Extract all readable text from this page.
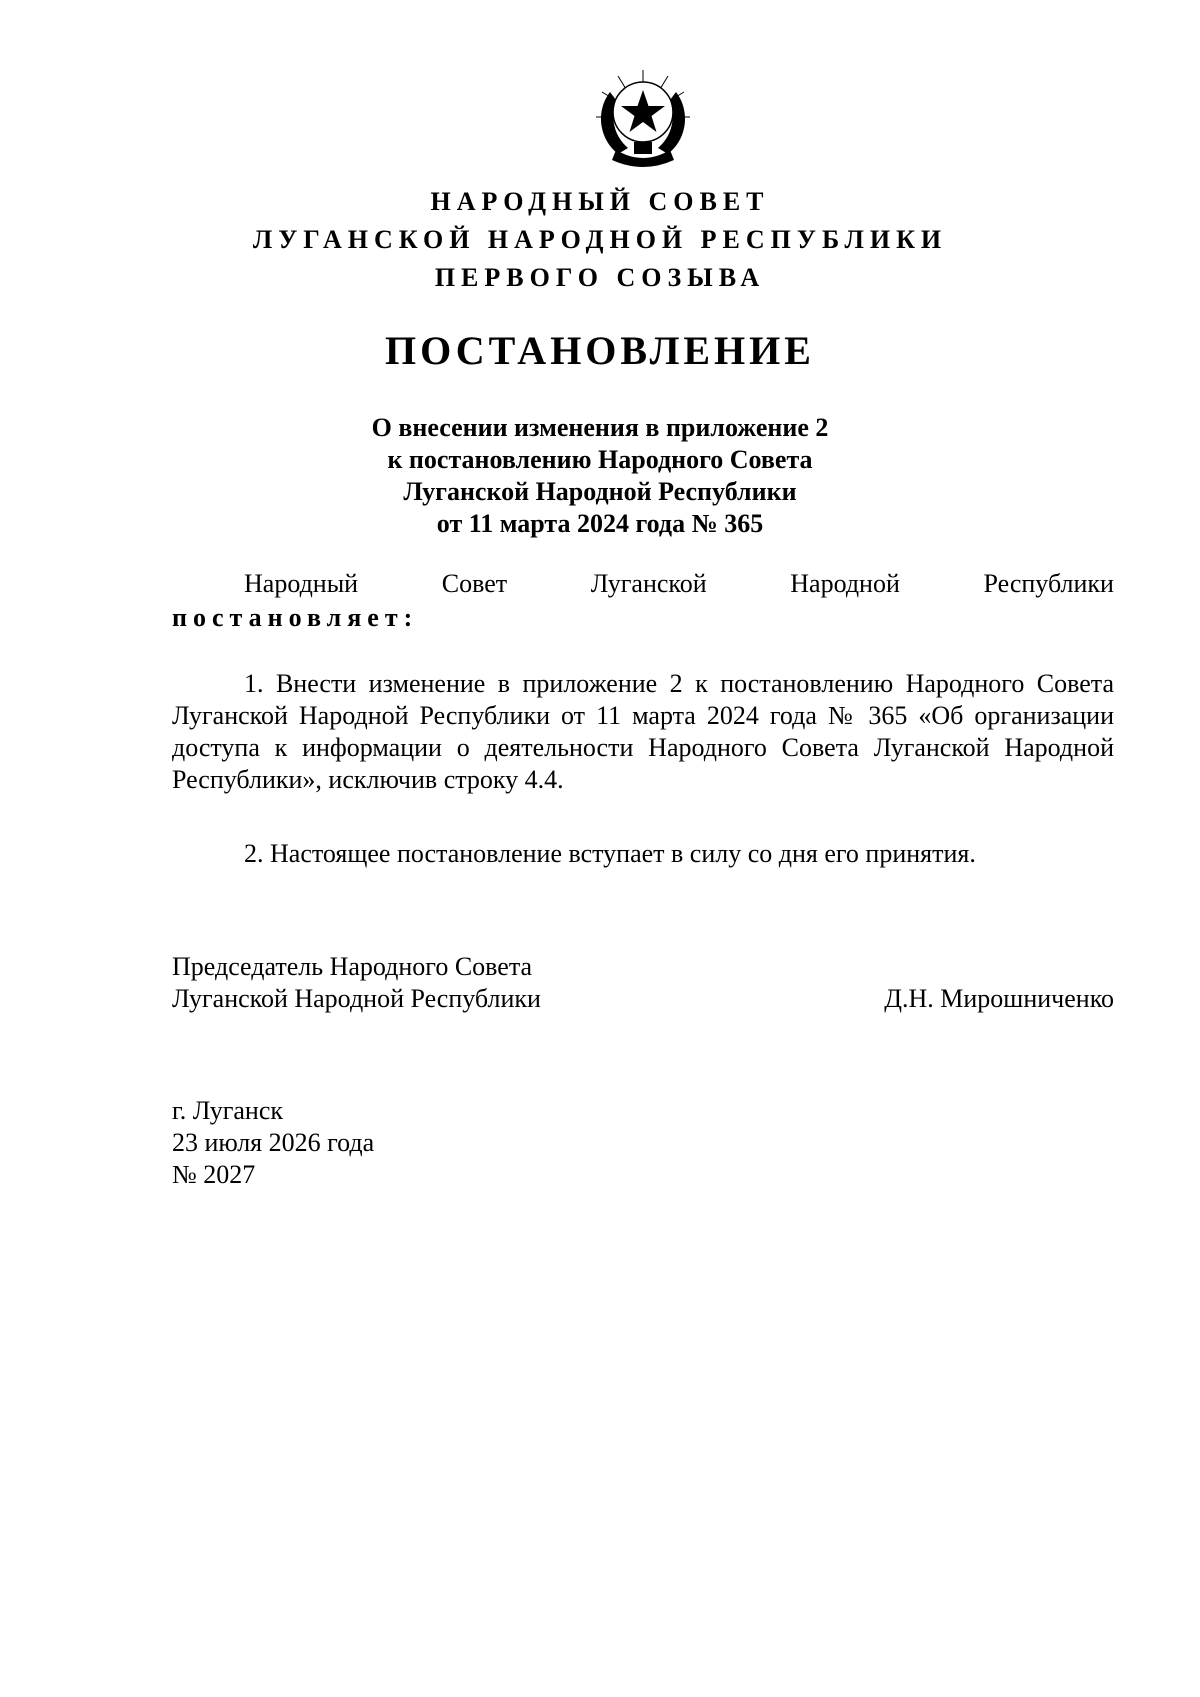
НАРОДНЫЙ СОВЕТ
ЛУГАНСКОЙ НАРОДНОЙ РЕСПУБЛИКИ
ПЕРВОГО СОЗЫВА
ПОСТАНОВЛЕНИЕ
О внесении изменения в приложение 2
к постановлению Народного Совета
Луганской Народной Республики
от 11 марта 2024 года № 365
Народный	Совет	Луганской	Народной	Республики
постановляет:
1. Внести изменение в приложение 2 к постановлению Народного Совета Луганской Народной Республики от 11 марта 2024 года № 365 «Об организации доступа к информации о деятельности Народного Совета Луганской Народной Республики», исключив строку 4.4.
2. Настоящее постановление вступает в силу со дня его принятия.
Председатель Народного Совета
Луганской Народной Республики	Д.Н. Мирошниченко
г. Луганск
23 июля 2026 года
№ 2027
